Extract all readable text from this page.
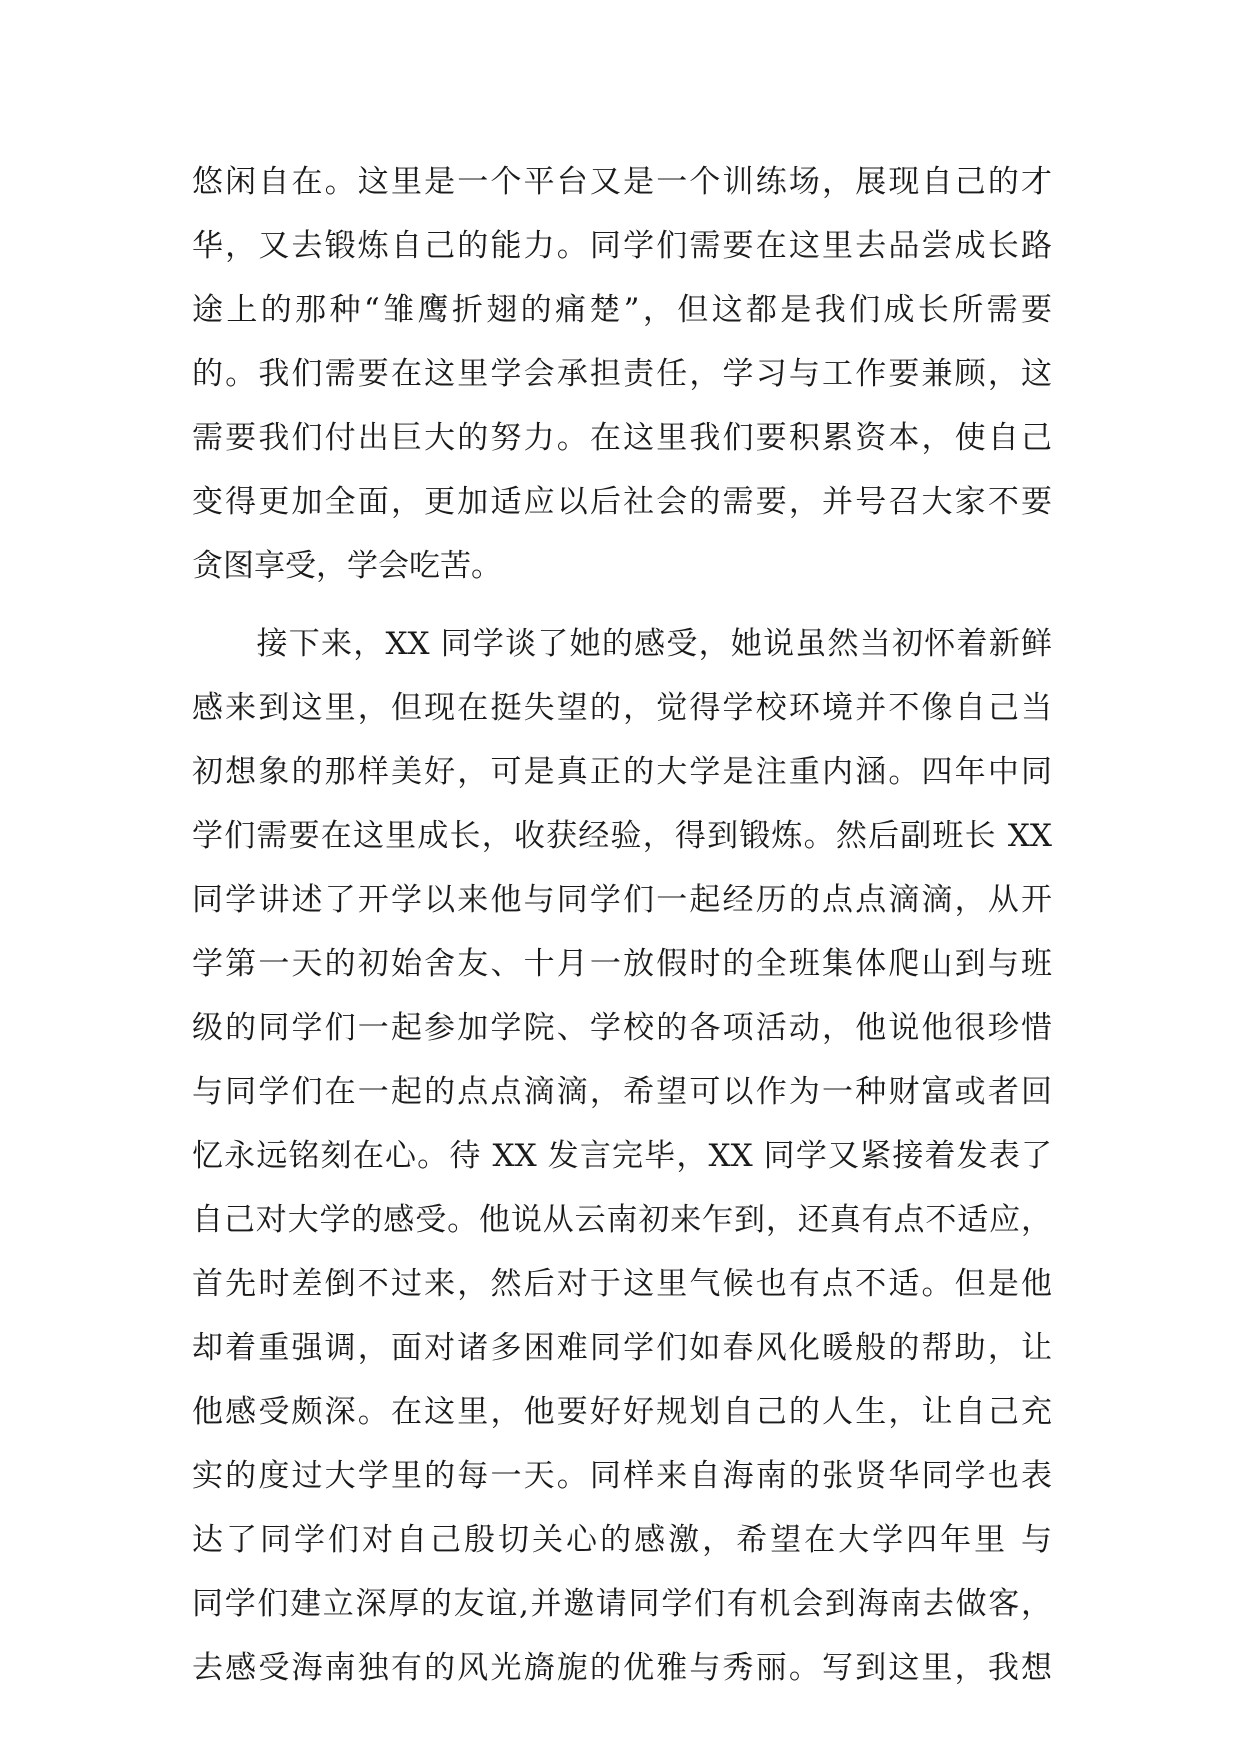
悠闲自在。这里是一个平台又是一个训练场，展现自己的才
华，又去锻炼自己的能力。同学们需要在这里去品尝成长路
途上的那种“雏鹰折翅的痛楚”，但这都是我们成长所需要
的。我们需要在这里学会承担责任，学习与工作要兼顾，这
需要我们付出巨大的努力。在这里我们要积累资本，使自己
变得更加全面，更加适应以后社会的需要，并号召大家不要
贪图享受，学会吃苦。
　　接下来，XX 同学谈了她的感受，她说虽然当初怀着新鲜
感来到这里，但现在挺失望的，觉得学校环境并不像自己当
初想象的那样美好，可是真正的大学是注重内涵。四年中同
学们需要在这里成长，收获经验，得到锻炼。然后副班长 XX
同学讲述了开学以来他与同学们一起经历的点点滴滴，从开
学第一天的初始舍友、十月一放假时的全班集体爬山到与班
级的同学们一起参加学院、学校的各项活动，他说他很珍惜
与同学们在一起的点点滴滴，希望可以作为一种财富或者回
忆永远铭刻在心。待 XX 发言完毕，XX 同学又紧接着发表了
自己对大学的感受。他说从云南初来乍到，还真有点不适应，
首先时差倒不过来，然后对于这里气候也有点不适。但是他
却着重强调，面对诸多困难同学们如春风化暖般的帮助，让
他感受颇深。在这里，他要好好规划自己的人生，让自己充
实的度过大学里的每一天。同样来自海南的张贤华同学也表
达了同学们对自己殷切关心的感激，希望在大学四年里 与
同学们建立深厚的友谊,并邀请同学们有机会到海南去做客，
去感受海南独有的风光旖旎的优雅与秀丽。写到这里，我想
